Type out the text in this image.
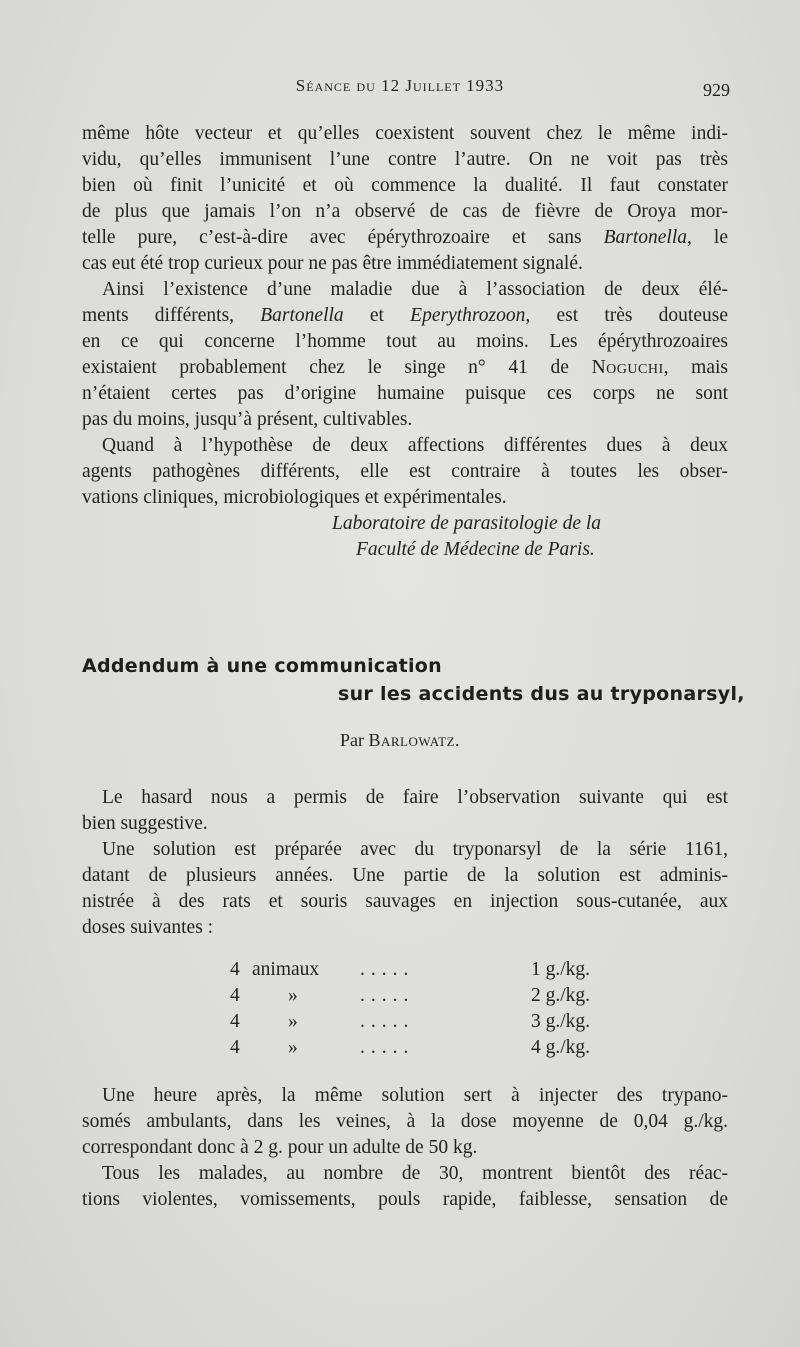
Séance du 12 Juillet 1933	929
même hôte vecteur et qu’elles coexistent souvent chez le même indi-
vidu, qu’elles immunisent l’une contre l’autre. On ne voit pas très
bien où finit l’unicité et où commence la dualité. Il faut constater
de plus que jamais l’on n’a observé de cas de fièvre de Oroya mor-
telle pure, c’est-à-dire avec épérythrozoaire et sans Bartonella, le
cas eut été trop curieux pour ne pas être immédiatement signalé.
Ainsi l’existence d’une maladie due à l’association de deux élé-
ments différents, Bartonella et Eperythrozoon, est très douteuse
en ce qui concerne l’homme tout au moins. Les épérythrozoaires
existaient probablement chez le singe n° 41 de Noguchi, mais
n’étaient certes pas d’origine humaine puisque ces corps ne sont
pas du moins, jusqu’à présent, cultivables.
Quand à l’hypothèse de deux affections différentes dues à deux
agents pathogènes différents, elle est contraire à toutes les obser-
vations cliniques, microbiologiques et expérimentales.
Laboratoire de parasitologie de la
Faculté de Médecine de Paris.
Addendum à une communication
sur les accidents dus au tryponarsyl,
Par Barlowatz.
Le hasard nous a permis de faire l’observation suivante qui est
bien suggestive.
Une solution est préparée avec du tryponarsyl de la série 1161,
datant de plusieurs années. Une partie de la solution est adminis-
nistrée à des rats et souris sauvages en injection sous-cutanée, aux
doses suivantes :
4 animaux .....	1 g./kg.
4 »	.....	2 g./kg.
4 »	.....	3 g./kg.
4 »	.....	4 g./kg.
Une heure après, la même solution sert à injecter des trypano-
somés ambulants, dans les veines, à la dose moyenne de 0,04 g./kg.
correspondant donc à 2 g. pour un adulte de 50 kg.
Tous les malades, au nombre de 30, montrent bientôt des réac-
tions violentes, vomissements, pouls rapide, faiblesse, sensation de
